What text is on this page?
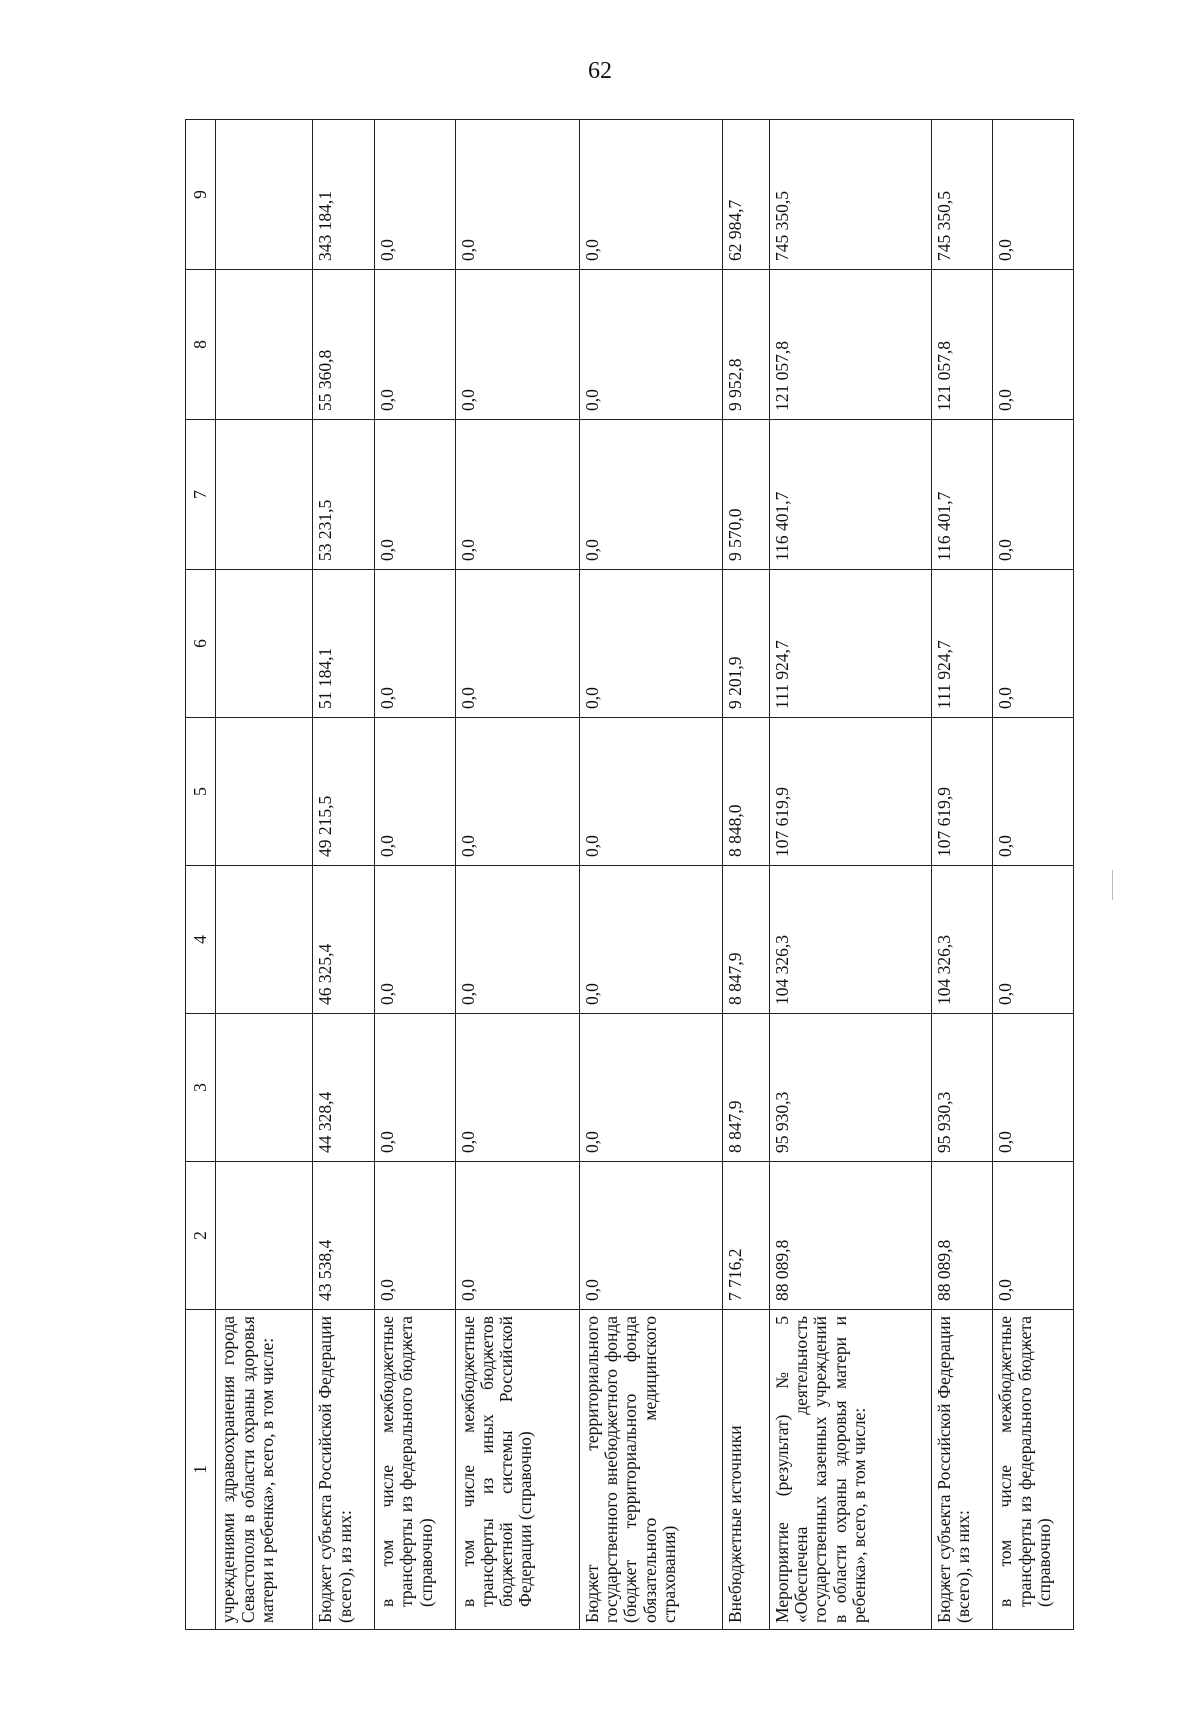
62
1	2	3	4	5	6	7	8	9
учреждениями здравоохранения города Севастополя в области охраны здоровья матери и ребенка», всего, в том числе:								
Бюджет субъекта Российской Федерации (всего), из них:	43 538,4	44 328,4	46 325,4	49 215,5	51 184,1	53 231,5	55 360,8	343 184,1
в том числе межбюджетные трансферты из федерального бюджета (справочно)	0,0	0,0	0,0	0,0	0,0	0,0	0,0	0,0
в том числе межбюджетные трансферты из иных бюджетов бюджетной системы Российской Федерации (справочно)	0,0	0,0	0,0	0,0	0,0	0,0	0,0	0,0
Бюджет территориального государственного внебюджетного фонда (бюджет территориального фонда обязательного медицинского страхования)	0,0	0,0	0,0	0,0	0,0	0,0	0,0	0,0
Внебюджетные источники	7 716,2	8 847,9	8 847,9	8 848,0	9 201,9	9 570,0	9 952,8	62 984,7
Мероприятие (результат) № 5 «Обеспечена деятельность государственных казенных учреждений в области охраны здоровья матери и ребенка», всего, в том числе:	88 089,8	95 930,3	104 326,3	107 619,9	111 924,7	116 401,7	121 057,8	745 350,5
Бюджет субъекта Российской Федерации (всего), из них:	88 089,8	95 930,3	104 326,3	107 619,9	111 924,7	116 401,7	121 057,8	745 350,5
в том числе межбюджетные трансферты из федерального бюджета (справочно)	0,0	0,0	0,0	0,0	0,0	0,0	0,0	0,0
